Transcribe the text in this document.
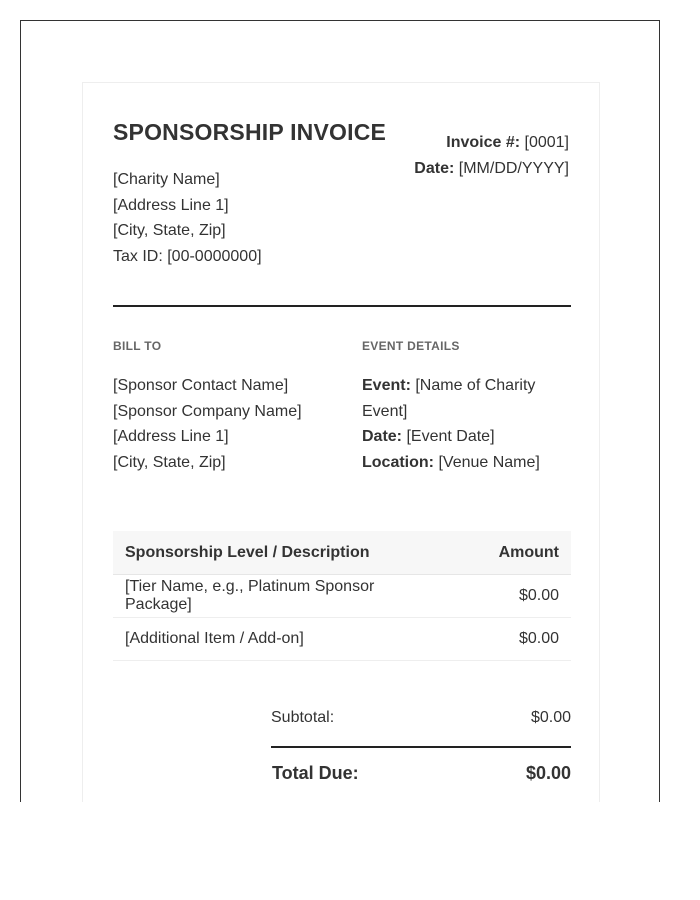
SPONSORSHIP INVOICE
[Charity Name]
[Address Line 1]
[City, State, Zip]
Tax ID: [00-0000000]
Invoice #: [0001]
Date: [MM/DD/YYYY]
BILL TO	EVENT DETAILS
[Sponsor Contact Name]
[Sponsor Company Name]
[Address Line 1]
[City, State, Zip]
Event: [Name of Charity Event]
Date: [Event Date]
Location: [Venue Name]
Sponsorship Level / Description	Amount
[Tier Name, e.g., Platinum Sponsor Package]	$0.00
[Additional Item / Add-on]	$0.00
Subtotal:	$0.00
Total Due:	$0.00
